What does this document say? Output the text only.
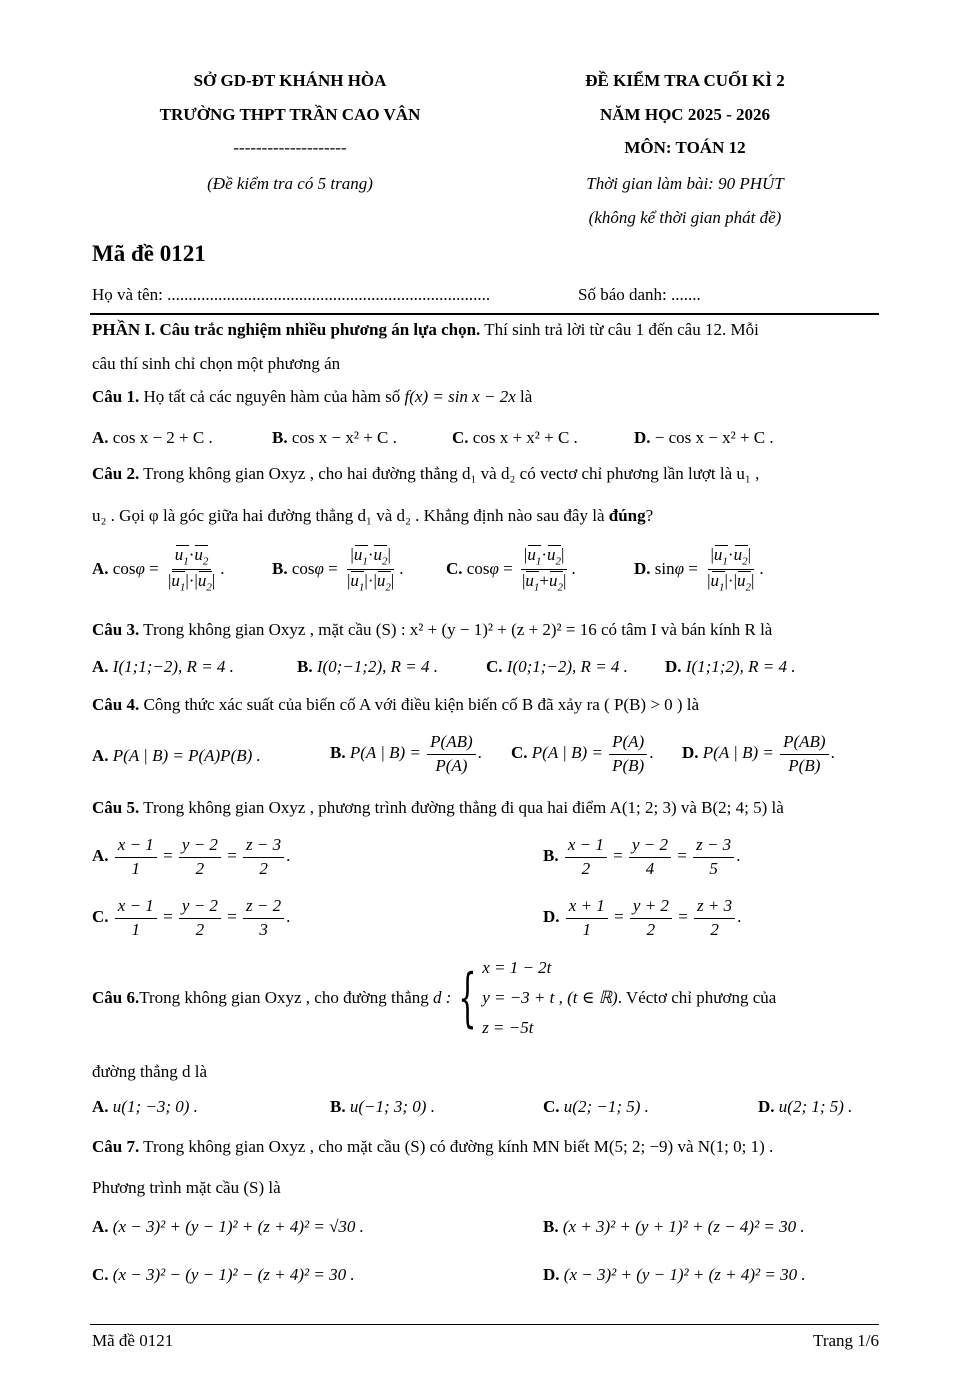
SỞ GD-ĐT KHÁNH HÒA
TRƯỜNG THPT TRẦN CAO VÂN
--------------------
(Đề kiểm tra có 5 trang)
ĐỀ KIỂM TRA CUỐI KÌ 2
NĂM HỌC 2025 - 2026
MÔN: TOÁN 12
Thời gian làm bài: 90 PHÚT
(không kể thời gian phát đề)
Mã đề 0121
Họ và tên: ............................................................................	Số báo danh: .......
PHẦN I. Câu trắc nghiệm nhiều phương án lựa chọn. Thí sinh trả lời từ câu 1 đến câu 12. Mỗi
câu thí sinh chỉ chọn một phương án
Câu 1. Họ tất cả các nguyên hàm của hàm số f(x) = sin x − 2x là
A. cos x − 2 + C .	B. cos x − x² + C .	C. cos x + x² + C .	D. − cos x − x² + C .
Câu 2. Trong không gian Oxyz , cho hai đường thẳng d₁ và d₂ có vectơ chỉ phương lần lượt là u₁ ,
u₂ . Gọi φ là góc giữa hai đường thẳng d₁ và d₂ . Khẳng định nào sau đây là đúng?
A. $\cos\varphi = \frac{u_1\cdot u_2}{|u_1|\cdot|u_2|}$ .	B. $\cos\varphi = \frac{|u_1\cdot u_2|}{|u_1|\cdot|u_2|}$ . C. $\cos\varphi = \frac{|u_1\cdot u_2|}{|u_1+u_2|}$ .	D. $\sin\varphi = \frac{|u_1\cdot u_2|}{|u_1|\cdot|u_2|}$ .
Câu 3. Trong không gian Oxyz , mặt cầu (S) : x² + (y − 1)² + (z + 2)² = 16 có tâm I và bán kính R là
A. I(1;1;−2), R = 4 .	B. I(0;−1;2), R = 4 .	C. I(0;1;−2), R = 4 . D. I(1;1;2), R = 4 .
Câu 4. Công thức xác suất của biến cố A với điều kiện biến cố B đã xảy ra ( P(B) > 0 ) là
A. P(A | B) = P(A)P(B) .	B. P(A | $B) = \frac{P(AB)}{P(A)}$ . C. P(A | $B) = \frac{P(A)}{P(B)}$ . D. P(A | $B) = \frac{P(AB)}{P(B)}$ .
Câu 5. Trong không gian Oxyz , phương trình đường thẳng đi qua hai điểm A(1; 2; 3) và B(2; 4; 5) là
A. $\frac{x - 1}{1} = \frac{y - 2}{2} = \frac{z - 3}{2}$ .	B. $\frac{x - 1}{2} = \frac{y - 2}{4} = \frac{z - 3}{5}$ .
C. $\frac{x - 1}{1} = \frac{y - 2}{2} = \frac{z - 2}{3}$ .	D. $\frac{x + 1}{1} = \frac{y + 2}{2} = \frac{z + 3}{2}$ .
Câu 6. Trong không gian Oxyz , cho đường thẳng d : { x = 1 − 2t
y = −3 + t , (t ∈ ℝ)
z = −5t
. Véctơ chỉ phương của
đường thẳng d là
A. u(1; −3; 0) .	B. u(−1; 3; 0) .	C. u(2; −1; 5) .	D. u(2; 1; 5) .
Câu 7. Trong không gian Oxyz , cho mặt cầu (S) có đường kính MN biết M(5; 2; −9) và N(1; 0; 1) .
Phương trình mặt cầu (S) là
A. (x − 3)² + (y − 1)² + (z + 4)² = √30 .	B. (x + 3)² + (y + 1)² + (z − 4)² = 30 .
C. (x − 3)² − (y − 1)² − (z + 4)² = 30 .	D. (x − 3)² + (y − 1)² + (z + 4)² = 30 .
Mã đề 0121	Trang 1/6
